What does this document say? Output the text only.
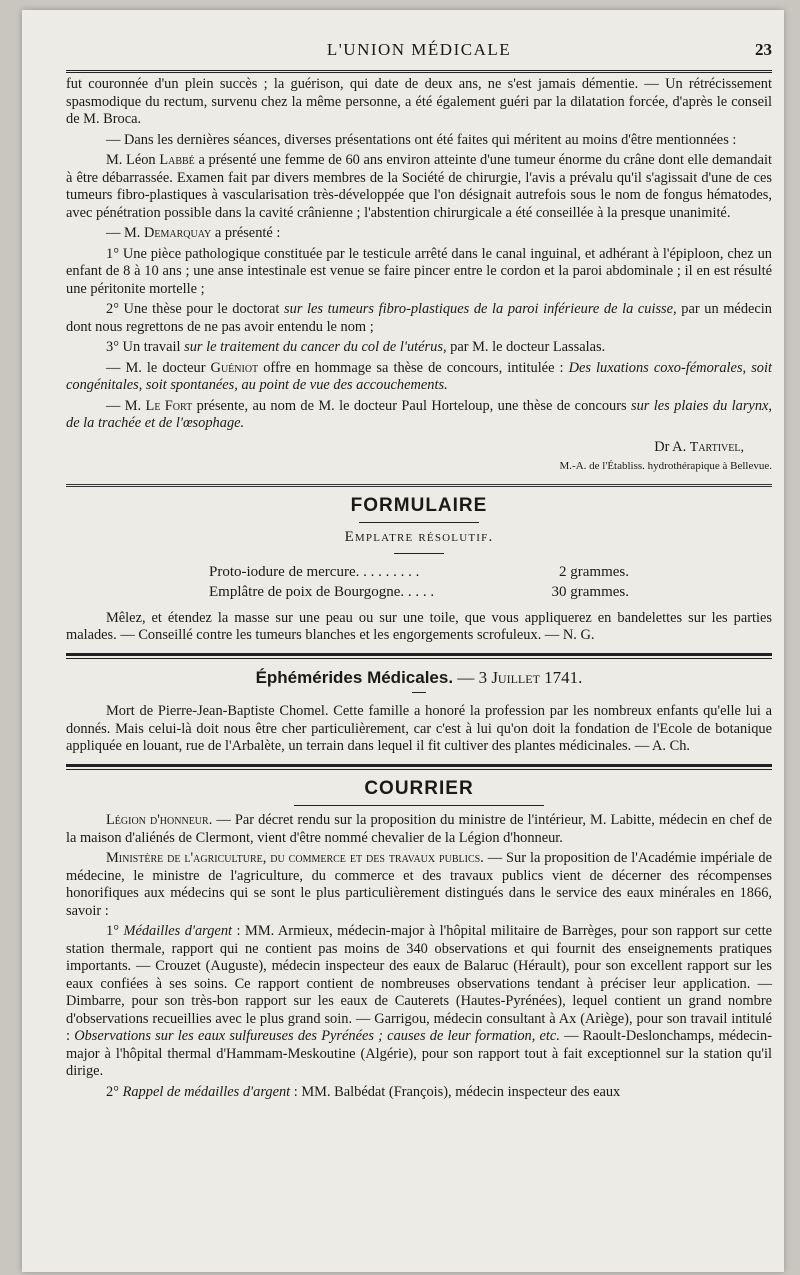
L'UNION MÉDICALE	23

fut couronnée d'un plein succès ; la guérison, qui date de deux ans, ne s'est jamais démentie. — Un rétrécissement spasmodique du rectum, survenu chez la même personne, a été également guéri par la dilatation forcée, d'après le conseil de M. Broca.

— Dans les dernières séances, diverses présentations ont été faites qui méritent au moins d'être mentionnées :

M. Léon Labbé a présenté une femme de 60 ans environ atteinte d'une tumeur énorme du crâne dont elle demandait à être débarrassée. Examen fait par divers membres de la Société de chirurgie, l'avis a prévalu qu'il s'agissait d'une de ces tumeurs fibro-plastiques à vascularisation très-développée que l'on désignait autrefois sous le nom de fongus hématodes, avec pénétration possible dans la cavité crânienne ; l'abstention chirurgicale a été conseillée à la presque unanimité.

— M. Demarquay a présenté :

1° Une pièce pathologique constituée par le testicule arrêté dans le canal inguinal, et adhérant à l'épiploon, chez un enfant de 8 à 10 ans ; une anse intestinale est venue se faire pincer entre le cordon et la paroi abdominale ; il en est résulté une péritonite mortelle ;

2° Une thèse pour le doctorat sur les tumeurs fibro-plastiques de la paroi inférieure de la cuisse, par un médecin dont nous regrettons de ne pas avoir entendu le nom ;

3° Un travail sur le traitement du cancer du col de l'utérus, par M. le docteur Lassalas.

— M. le docteur Guéniot offre en hommage sa thèse de concours, intitulée : Des luxations coxo-fémorales, soit congénitales, soit spontanées, au point de vue des accouchements.

— M. Le Fort présente, au nom de M. le docteur Paul Horteloup, une thèse de concours sur les plaies du larynx, de la trachée et de l'œsophage.

Dr A. Tartivel,
M.-A. de l'Établiss. hydrothérapique à Bellevue.
FORMULAIRE
Emplatre résolutif.
Proto-iodure de mercure. . . . . . . . .	2 grammes.
Emplâtre de poix de Bourgogne. . . . .	30 grammes.

Mêlez, et étendez la masse sur une peau ou sur une toile, que vous appliquerez en bandelettes sur les parties malades. — Conseillé contre les tumeurs blanches et les engorgements scrofuleux. — N. G.

Éphémérides Médicales. — 3 Juillet 1741.

Mort de Pierre-Jean-Baptiste Chomel. Cette famille a honoré la profession par les nombreux enfants qu'elle lui a donnés. Mais celui-là doit nous être cher particulièrement, car c'est à lui qu'on doit la fondation de l'Ecole de botanique appliquée en louant, rue de l'Arbalète, un terrain dans lequel il fit cultiver des plantes médicinales. — A. Ch.

COURRIER

Légion d'honneur. — Par décret rendu sur la proposition du ministre de l'intérieur, M. Labitte, médecin en chef de la maison d'aliénés de Clermont, vient d'être nommé chevalier de la Légion d'honneur.

Ministère de l'agriculture, du commerce et des travaux publics. — Sur la proposition de l'Académie impériale de médecine, le ministre de l'agriculture, du commerce et des travaux publics vient de décerner des récompenses honorifiques aux médecins qui se sont le plus particulièrement distingués dans le service des eaux minérales en 1866, savoir :

1° Médailles d'argent : MM. Armieux, médecin-major à l'hôpital militaire de Barrèges, pour son rapport sur cette station thermale, rapport qui ne contient pas moins de 340 observations et qui fournit des enseignements pratiques importants. — Crouzet (Auguste), médecin inspecteur des eaux de Balaruc (Hérault), pour son excellent rapport sur les eaux confiées à ses soins. Ce rapport contient de nombreuses observations tendant à préciser leur application. — Dimbarre, pour son très-bon rapport sur les eaux de Cauterets (Hautes-Pyrénées), lequel contient un grand nombre d'observations recueillies avec le plus grand soin. — Garrigou, médecin consultant à Ax (Ariège), pour son travail intitulé : Observations sur les eaux sulfureuses des Pyrénées ; causes de leur formation, etc. — Raoult-Deslonchamps, médecin-major à l'hôpital thermal d'Hammam-Meskoutine (Algérie), pour son rapport tout à fait exceptionnel sur la station qu'il dirige.

2° Rappel de médailles d'argent : MM. Balbédat (François), médecin inspecteur des eaux
